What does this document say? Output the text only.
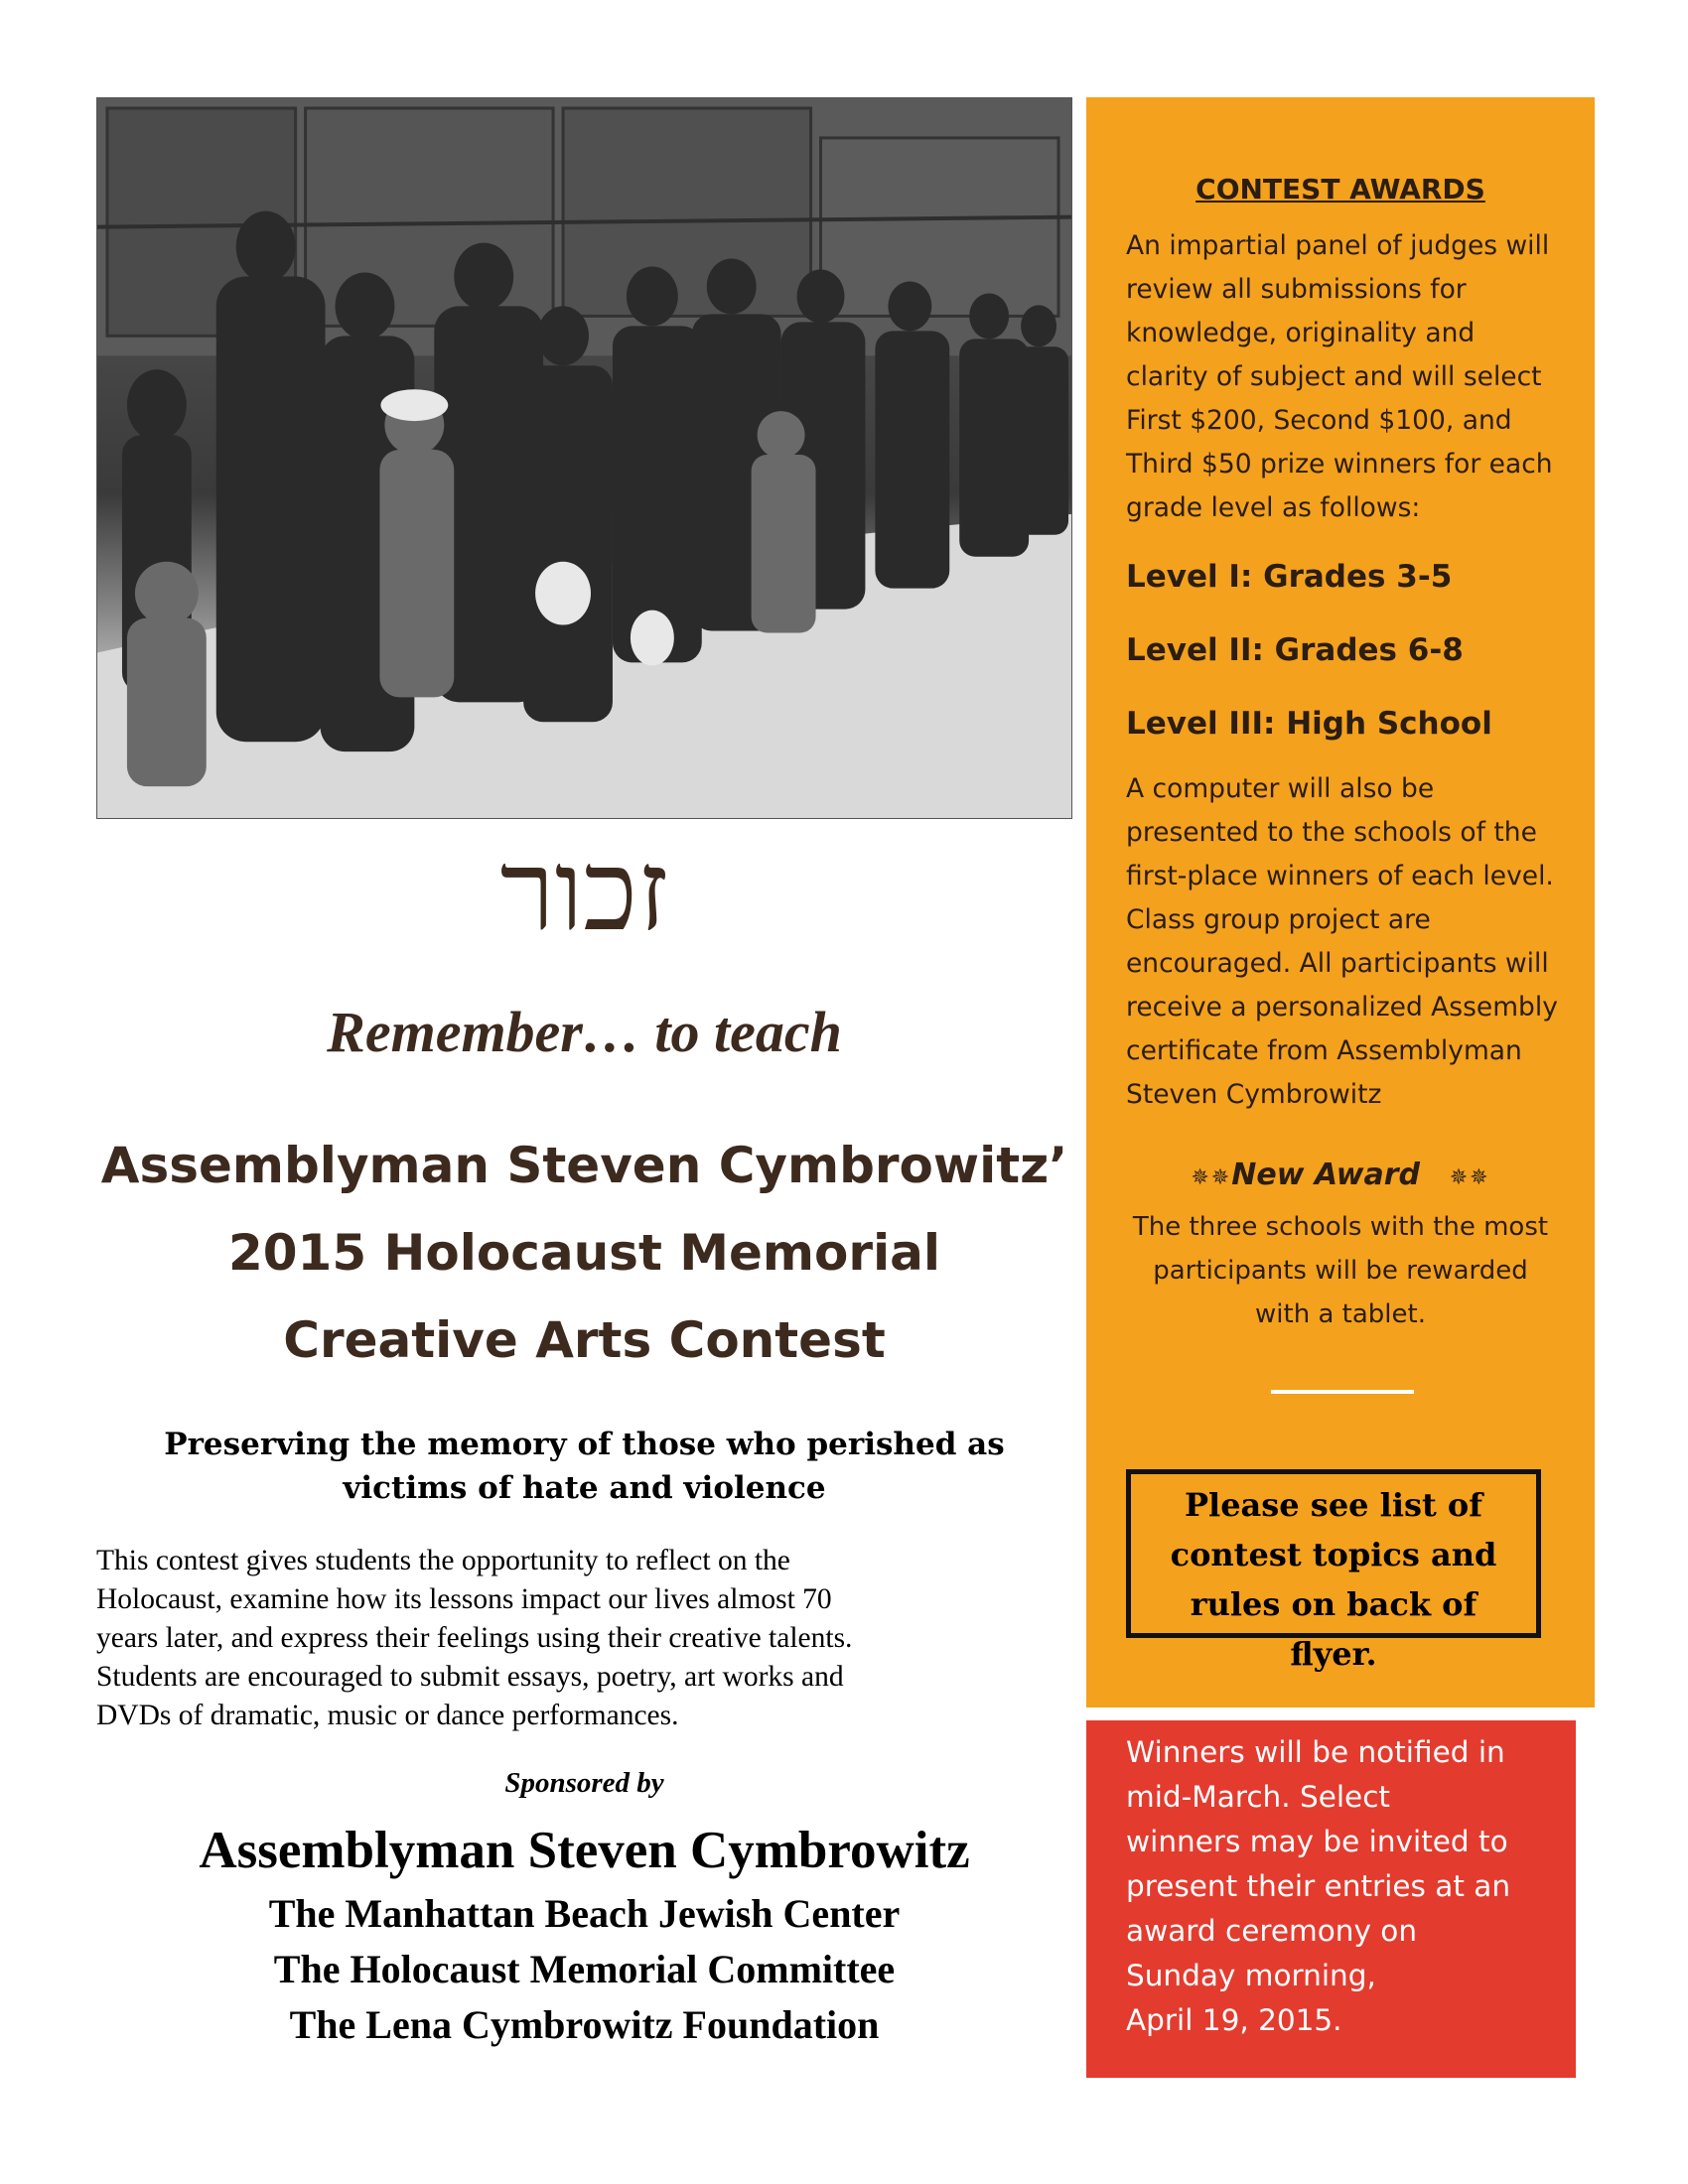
זכור
Remember… to teach
Assemblyman Steven Cymbrowitz’
2015 Holocaust Memorial
Creative Arts Contest
Preserving the memory of those who perished as
victims of hate and violence
This contest gives students the opportunity to reflect on the
Holocaust, examine how its lessons impact our lives almost 70
years later, and express their feelings using their creative talents.
Students are encouraged to submit essays, poetry, art works and
DVDs of dramatic, music or dance performances.
Sponsored by
Assemblyman Steven Cymbrowitz
The Manhattan Beach Jewish Center
The Holocaust Memorial Committee
The Lena Cymbrowitz Foundation
CONTEST AWARDS
An impartial panel of judges will
review all submissions for
knowledge, originality and
clarity of subject and will select
First $200, Second $100, and
Third $50 prize winners for each
grade level as follows:
Level I: Grades 3-5
Level II: Grades 6-8
Level III: High School
A computer will also be
presented to the schools of the
first-place winners of each level.
Class group project are
encouraged. All participants will
receive a personalized Assembly
certificate from Assemblyman
Steven Cymbrowitz
✵✵New Award   ✵✵
The three schools with the most
participants will be rewarded
with a tablet.
Please see list of
contest topics and
rules on back of
flyer.
Winners will be notified in
mid-March. Select
winners may be invited to
present their entries at an
award ceremony on
Sunday morning,
April 19, 2015.
